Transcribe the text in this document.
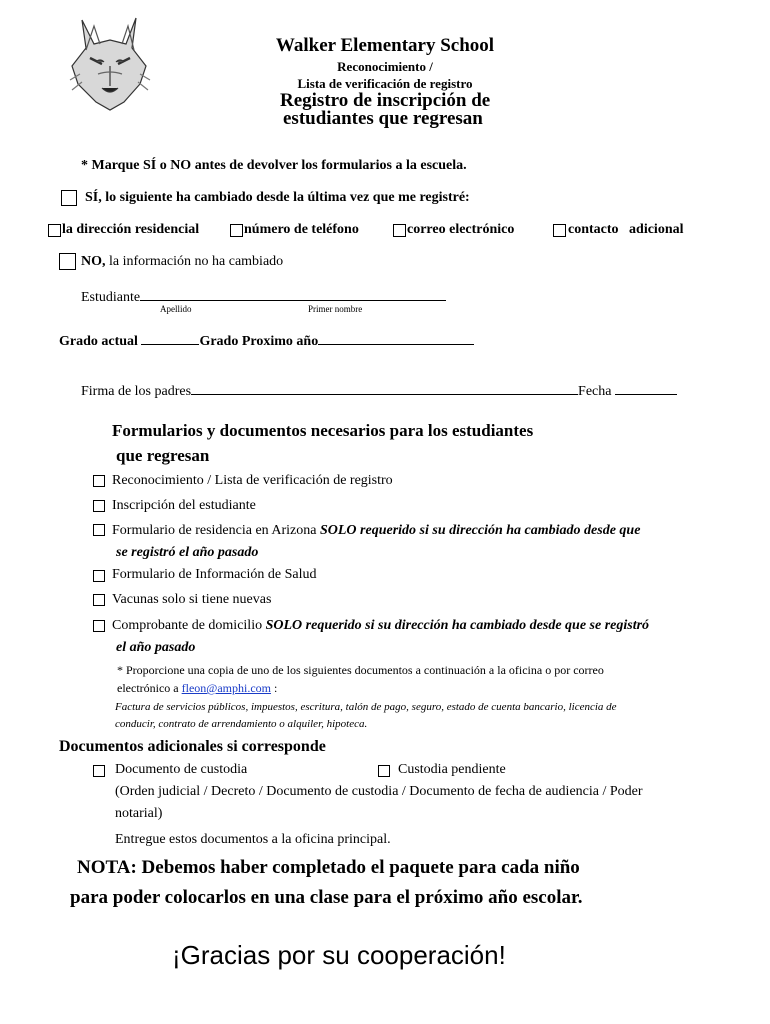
Walker Elementary School
Reconocimiento /
Lista de verificación de registro
Registro de inscripción de
estudiantes que regresan
* Marque SÍ o NO antes de devolver los formularios a la escuela.
SÍ, lo siguiente ha cambiado desde la última vez que me registré:
la dirección residencial	número de teléfono	correo electrónico	contacto   adicional
NO, la información no ha cambiado
Estudiante
Apellido	Primer nombre
Grado actual	Grado Proximo año
Firma de los padres	Fecha
Formularios y documentos necesarios para los estudiantes
que regresan
Reconocimiento / Lista de verificación de registro
Inscripción del estudiante
Formulario de residencia en Arizona SOLO requerido si su dirección ha cambiado desde que
se registró el año pasado
Formulario de Información de Salud
Vacunas solo si tiene nuevas
Comprobante de domicilio SOLO requerido si su dirección ha cambiado desde que se registró
el año pasado
* Proporcione una copia de uno de los siguientes documentos a continuación a la oficina o por correo
electrónico a fleon@amphi.com :
Factura de servicios públicos, impuestos, escritura, talón de pago, seguro, estado de cuenta bancario, licencia de
conducir, contrato de arrendamiento o alquiler, hipoteca.
Documentos adicionales si corresponde
Documento de custodia	Custodia pendiente
(Orden judicial / Decreto / Documento de custodia / Documento de fecha de audiencia / Poder
notarial)
Entregue estos documentos a la oficina principal.
NOTA: Debemos haber completado el paquete para cada niño
para poder colocarlos en una clase para el próximo año escolar.
¡Gracias por su cooperación!
